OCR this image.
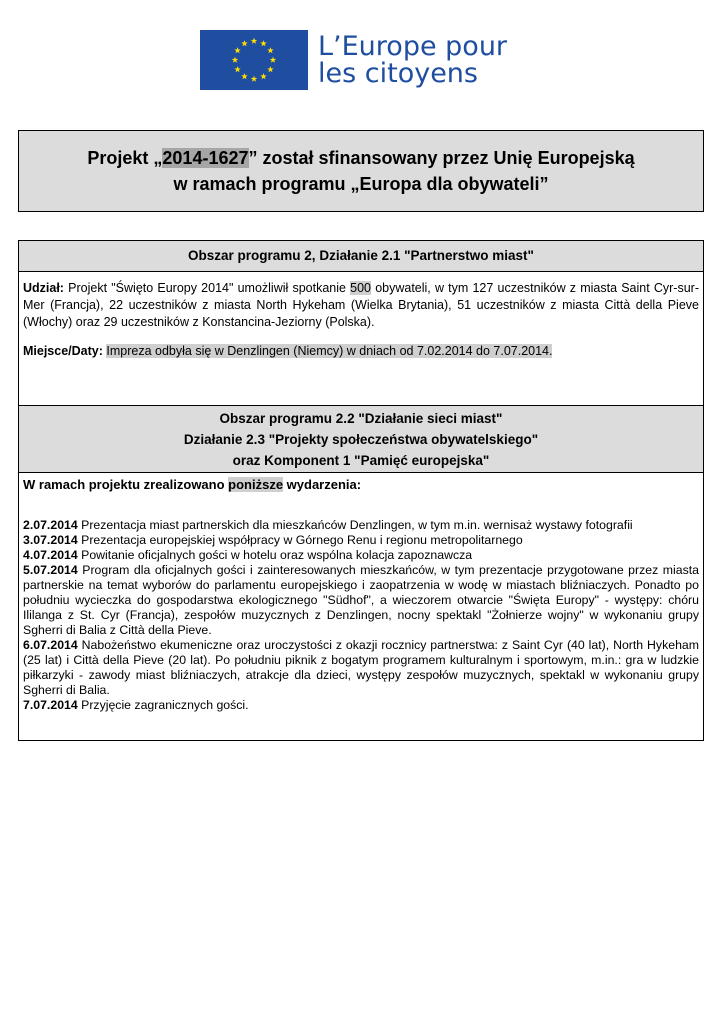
L’Europe pour
les citoyens
Projekt „2014-1627” został sfinansowany przez Unię Europejską
w ramach programu „Europa dla obywateli”
Obszar programu 2, Działanie 2.1 "Partnerstwo miast"

Udział: Projekt "Święto Europy 2014" umożliwił spotkanie 500 obywateli, w tym 127 uczestników z miasta Saint Cyr-sur-Mer (Francja), 22 uczestników z miasta North Hykeham (Wielka Brytania), 51 uczestników z miasta Città della Pieve (Włochy) oraz 29 uczestników z Konstancina-Jeziorny (Polska).

Miejsce/Daty: Impreza odbyła się w Denzlingen (Niemcy) w dniach od 7.02.2014 do 7.07.2014.

Obszar programu 2.2 "Działanie sieci miast"
Działanie 2.3 "Projekty społeczeństwa obywatelskiego"
oraz Komponent 1 "Pamięć europejska"
W ramach projektu zrealizowano poniższe wydarzenia:
2.07.2014 Prezentacja miast partnerskich dla mieszkańców Denzlingen, w tym m.in. wernisaż wystawy fotografii
3.07.2014 Prezentacja europejskiej współpracy w Górnego Renu i regionu metropolitarnego
4.07.2014 Powitanie oficjalnych gości w hotelu oraz wspólna kolacja zapoznawcza
5.07.2014 Program dla oficjalnych gości i zainteresowanych mieszkańców, w tym prezentacje przygotowane przez miasta partnerskie na temat wyborów do parlamentu europejskiego i zaopatrzenia w wodę w miastach bliźniaczych. Ponadto po południu wycieczka do gospodarstwa ekologicznego "Südhof", a wieczorem otwarcie "Święta Europy" - występy: chóru Ililanga z St. Cyr (Francja), zespołów muzycznych z Denzlingen, nocny spektakl "Żołnierze wojny" w wykonaniu grupy Sgherri di Balia z Città della Pieve.
6.07.2014 Nabożeństwo ekumeniczne oraz uroczystości z okazji rocznicy partnerstwa: z Saint Cyr (40 lat), North Hykeham (25 lat) i Città della Pieve (20 lat). Po południu piknik z bogatym programem kulturalnym i sportowym, m.in.: gra w ludzkie piłkarzyki - zawody miast bliźniaczych, atrakcje dla dzieci, występy zespołów muzycznych, spektakl w wykonaniu grupy Sgherri di Balia.
7.07.2014 Przyjęcie zagranicznych gości.
